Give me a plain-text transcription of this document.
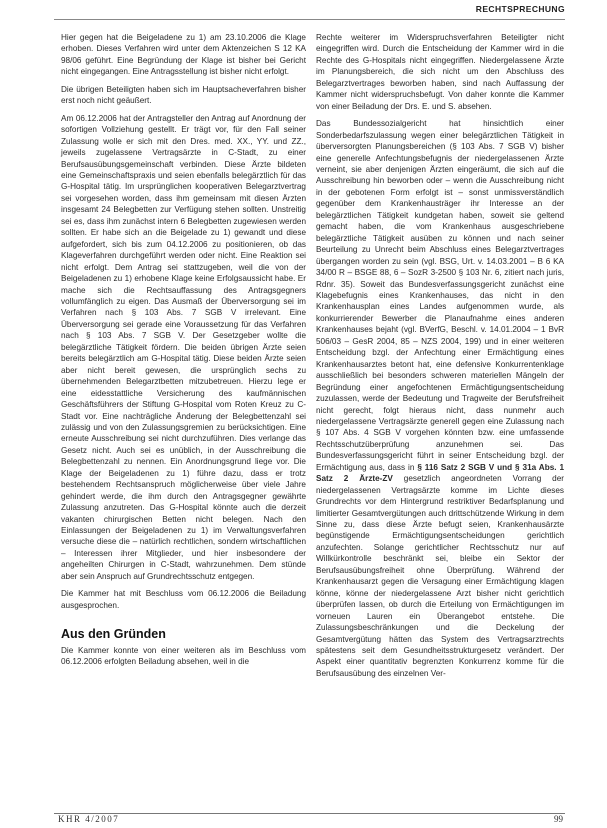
RECHTSPRECHUNG

Hier gegen hat die Beigeladene zu 1) am 23.10.2006 die Klage erhoben. Dieses Verfahren wird unter dem Aktenzeichen S 12 KA 98/06 geführt. Eine Begründung der Klage ist bisher bei Gericht nicht eingegangen. Eine Antragsstellung ist bisher nicht erfolgt.

Die übrigen Beteiligten haben sich im Hauptsacheverfahren bisher erst noch nicht geäußert.

Am 06.12.2006 hat der Antragsteller den Antrag auf Anordnung der sofortigen Vollziehung gestellt. Er trägt vor, für den Fall seiner Zulassung wolle er sich mit den Dres. med. XX., YY. und ZZ., jeweils zugelassene Vertragsärzte in C-Stadt, zu einer Berufsausübungsgemeinschaft verbinden. Diese Ärzte bildeten eine Gemeinschaftspraxis und seien ebenfalls belegärztlich für das G-Hospital tätig. Im ursprünglichen kooperativen Belegarztvertrag sei vorgesehen worden, dass ihm gemeinsam mit diesen Ärzten insgesamt 24 Belegbetten zur Verfügung stehen sollten. Unstreitig sei es, dass ihm zunächst intern 6 Belegbetten zugewiesen werden sollten. Er habe sich an die Beigelade zu 1) gewandt und diese aufgefordert, sich bis zum 04.12.2006 zu positionieren, ob das Klageverfahren durchgeführt werden oder nicht. Eine Reaktion sei nicht erfolgt. Dem Antrag sei stattzugeben, weil die von der Beigeladenen zu 1) erhobene Klage keine Erfolgsaussicht habe. Er mache sich die Rechtsauffassung des Antragsgegners vollumfänglich zu eigen. Das Ausmaß der Überversorgung sei im Verfahren nach § 103 Abs. 7 SGB V irrelevant. Eine Überversorgung sei gerade eine Voraussetzung für das Verfahren nach § 103 Abs. 7 SGB V. Der Gesetzgeber wollte die belegärztliche Tätigkeit fördern. Die beiden übrigen Ärzte seien bereits belegärztlich am G-Hospital tätig. Diese beiden Ärzte seien aber nicht bereit gewesen, die ursprünglich sechs zu übernehmenden Belegarztbetten mitzubetreuen. Hierzu lege er eine eidesstattliche Versicherung des kaufmännischen Geschäftsführers der Stiftung G-Hospital vom Roten Kreuz zu C-Stadt vor. Eine nachträgliche Änderung der Belegbettenzahl sei zulässig und von den Zulassungsgremien zu berücksichtigen. Eine erneute Ausschreibung sei nicht durchzuführen. Dies verlange das Gesetz nicht. Auch sei es unüblich, in der Ausschreibung die Belegbettenzahl zu nennen. Ein Anordnungsgrund liege vor. Die Klage der Beigeladenen zu 1) führe dazu, dass er trotz bestehendem Rechtsanspruch möglicherweise über viele Jahre gehindert werde, die ihm durch den Antragsgegner gewährte Zulassung anzutreten. Das G-Hospital könnte auch die derzeit vakanten chirurgischen Betten nicht belegen. Nach den Einlassungen der Beigeladenen zu 1) im Verwaltungsverfahren versuche diese die – natürlich rechtlichen, sondern wirtschaftlichen – Interessen ihrer Mitglieder, und hier insbesondere der angeheilten Chirurgen in C-Stadt, wahrzunehmen. Dem stünde aber sein Anspruch auf Grundrechtsschutz entgegen.

Die Kammer hat mit Beschluss vom 06.12.2006 die Beiladung ausgesprochen.

Aus den Gründen

Die Kammer konnte von einer weiteren als im Beschluss vom 06.12.2006 erfolgten Beiladung absehen, weil in die

Rechte weiterer im Widerspruchsverfahren Beteiligter nicht eingegriffen wird. Durch die Entscheidung der Kammer wird in die Rechte des G-Hospitals nicht eingegriffen. Niedergelassene Ärzte im Planungsbereich, die sich nicht um den Abschluss des Belegarztvertrages beworben haben, sind nach Auffassung der Kammer nicht widerspruchsbefugt. Von daher konnte die Kammer von einer Beiladung der Drs. E. und S. absehen.

Das Bundessozialgericht hat hinsichtlich einer Sonderbedarfszulassung wegen einer belegärztlichen Tätigkeit in überversorgten Planungsbereichen (§ 103 Abs. 7 SGB V) bisher eine generelle Anfechtungsbefugnis der niedergelassenen Ärzte verneint, sie aber denjenigen Ärzten eingeräumt, die sich auf die Ausschreibung hin beworben oder – wenn die Ausschreibung nicht in der gebotenen Form erfolgt ist – sonst unmissverständlich gegenüber dem Krankenhausträger ihr Interesse an der belegärztlichen Tätigkeit kundgetan haben, soweit sie geltend gemacht haben, die vom Krankenhaus ausgeschriebene belegärztliche Tätigkeit ausüben zu können und nach seiner Beurteilung zu Unrecht beim Abschluss eines Belegarztvertrages übergangen worden zu sein (vgl. BSG, Urt. v. 14.03.2001 – B 6 KA 34/00 R – BSGE 88, 6 – SozR 3-2500 § 103 Nr. 6, zitiert nach juris, Rdnr. 35). Soweit das Bundesverfassungsgericht zunächst eine Klagebefugnis eines Krankenhauses, das nicht in den Krankenhausplan eines Landes aufgenommen wurde, als konkurrierender Bewerber die Planaufnahme eines anderen Krankenhauses bejaht (vgl. BVerfG, Beschl. v. 14.01.2004 – 1 BvR 506/03 – GesR 2004, 85 – NZS 2004, 199) und in einer weiteren Entscheidung bzgl. der Anfechtung einer Ermächtigung eines Krankenhausarztes betont hat, eine defensive Konkurrentenklage ausschließlich bei besonders schweren materiellen Mängeln der Begründung einer angefochtenen Ermächtigungsentscheidung zuzulassen, werde der Bedeutung und Tragweite der Berufsfreiheit nicht gerecht, folgt hieraus nicht, dass nunmehr auch niedergelassene Vertragsärzte generell gegen eine Zulassung nach § 107 Abs. 4 SGB V vorgehen könnten bzw. eine umfassende Rechtsschutzüberprüfung anzunehmen sei. Das Bundesverfassungsgericht führt in seiner Entscheidung bzgl. der Ermächtigung aus, dass in § 116 Satz 2 SGB V und § 31a Abs. 1 Satz 2 Ärzte-ZV gesetzlich angeordneten Vorrang der niedergelassenen Vertragsärzte komme im Lichte dieses Grundrechts vor dem Hintergrund restriktiver Bedarfsplanung und limitierter Gesamtvergütungen auch drittschützende Wirkung in dem Sinne zu, dass diese Ärzte befugt seien, Krankenhausärzte begünstigende Ermächtigungsentscheidungen gerichtlich anzufechten. Solange gerichtlicher Rechtsschutz nur auf Willkürkontrolle beschränkt sei, bleibe ein Sektor der Berufsausübungsfreiheit ohne Überprüfung. Während der Krankenhausarzt gegen die Versagung einer Ermächtigung klagen könne, könne der niedergelassene Arzt bisher nicht gerichtlich überprüfen lassen, ob durch die Erteilung von Ermächtigungen im vorneuen Lauren ein Überangebot entstehe. Die Zulassungsbeschränkungen und die Deckelung der Gesamtvergütung hätten das System des Vertragsarztrechts spätestens seit dem Gesundheitsstrukturgesetz verändert. Der Aspekt einer quantitativ begrenzten Konkurrenz komme für die Berufsausübung des einzelnen Ver-

KHR 4/2007	99
